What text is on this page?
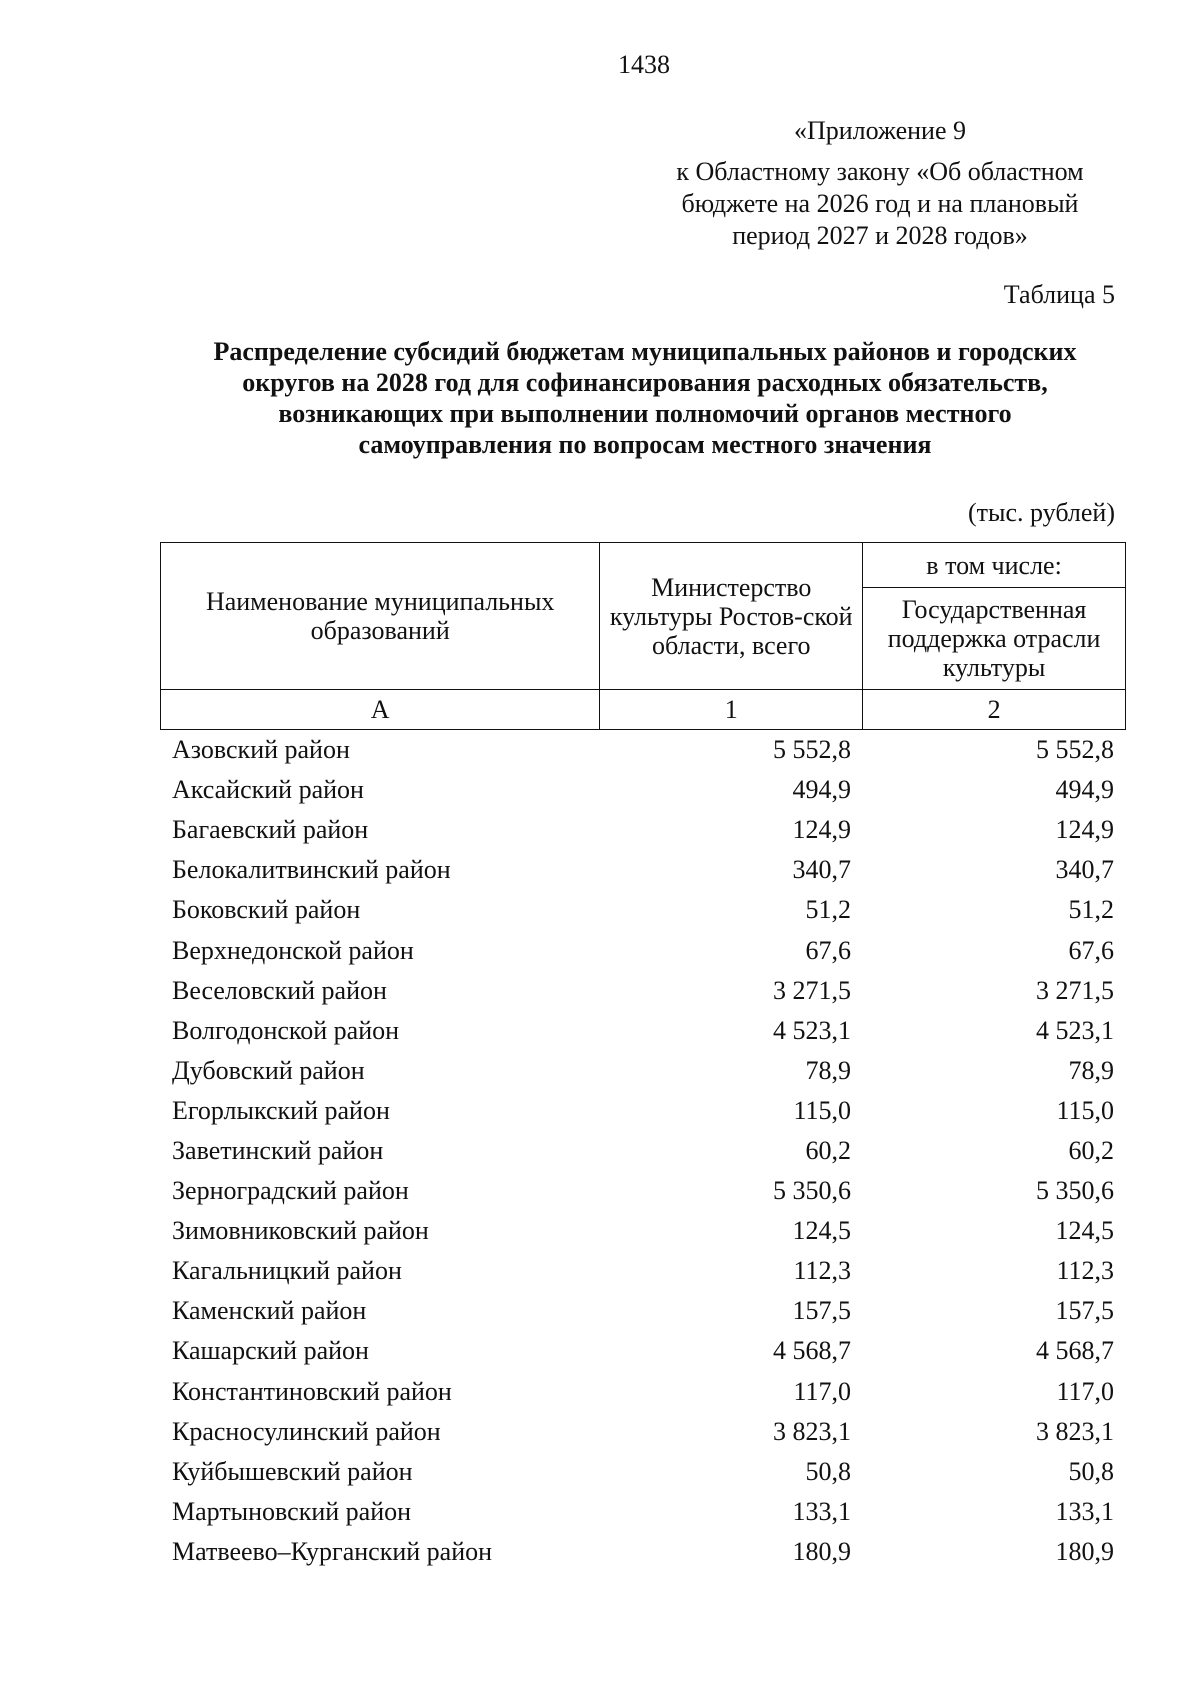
1438
«Приложение 9
к Областному закону «Об областном
бюджете на 2026 год и на плановый
период 2027 и 2028 годов»
Таблица 5
Распределение субсидий бюджетам муниципальных районов и городских
округов на 2028 год для софинансирования расходных обязательств,
возникающих при выполнении полномочий органов местного
самоуправления по вопросам местного значения
(тыс. рублей)
Наименование муниципальных образований	Министерство культуры Ростов-ской области, всего	в том числе:
		Государственная поддержка отрасли культуры
А	1	2
Азовский район	5 552,8	5 552,8
Аксайский район	494,9	494,9
Багаевский район	124,9	124,9
Белокалитвинский район	340,7	340,7
Боковский район	51,2	51,2
Верхнедонской район	67,6	67,6
Веселовский район	3 271,5	3 271,5
Волгодонской район	4 523,1	4 523,1
Дубовский район	78,9	78,9
Егорлыкский район	115,0	115,0
Заветинский район	60,2	60,2
Зерноградский район	5 350,6	5 350,6
Зимовниковский район	124,5	124,5
Кагальницкий район	112,3	112,3
Каменский район	157,5	157,5
Кашарский район	4 568,7	4 568,7
Константиновский район	117,0	117,0
Красносулинский район	3 823,1	3 823,1
Куйбышевский район	50,8	50,8
Мартыновский район	133,1	133,1
Матвеево–Курганский район	180,9	180,9
